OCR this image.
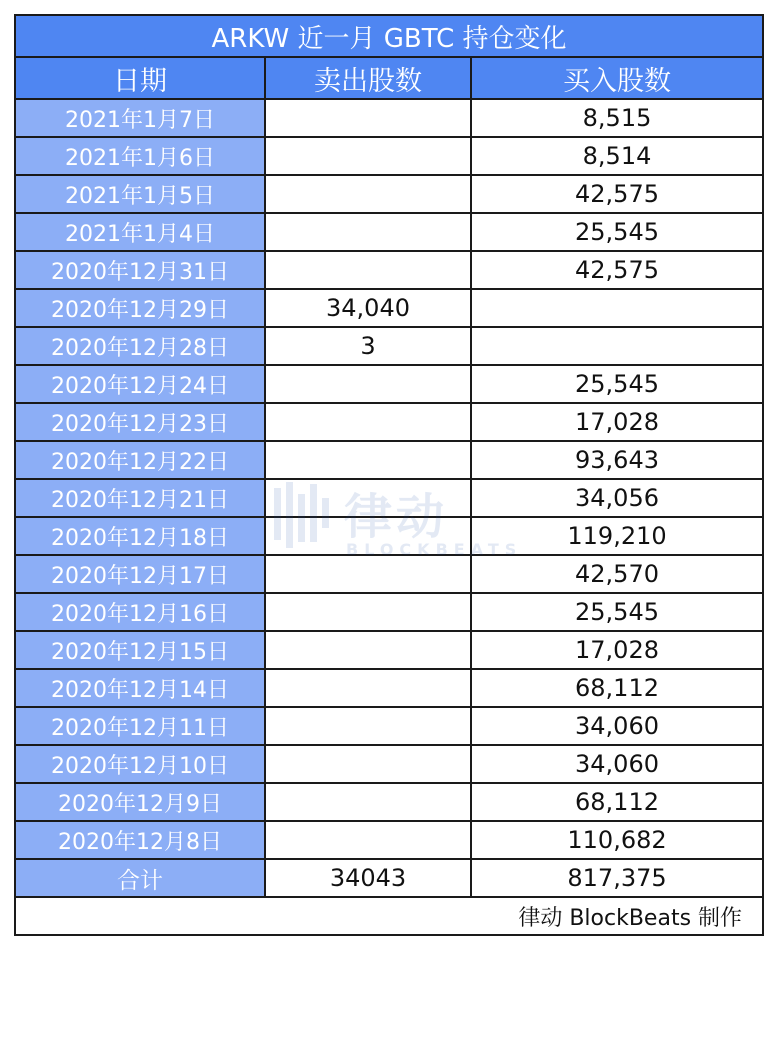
ARKW 近一月 GBTC 持仓变化		
日期	卖出股数	买入股数
2021年1月7日		8,515
2021年1月6日		8,514
2021年1月5日		42,575
2021年1月4日		25,545
2020年12月31日		42,575
2020年12月29日	34,040	
2020年12月28日	3	
2020年12月24日		25,545
2020年12月23日		17,028
2020年12月22日		93,643
2020年12月21日		34,056
2020年12月18日		119,210
2020年12月17日		42,570
2020年12月16日		25,545
2020年12月15日		17,028
2020年12月14日		68,112
2020年12月11日		34,060
2020年12月10日		34,060
2020年12月9日		68,112
2020年12月8日		110,682
合计	34043	817,375
律动 BlockBeats 制作		
律动
BLOCKBEATS
